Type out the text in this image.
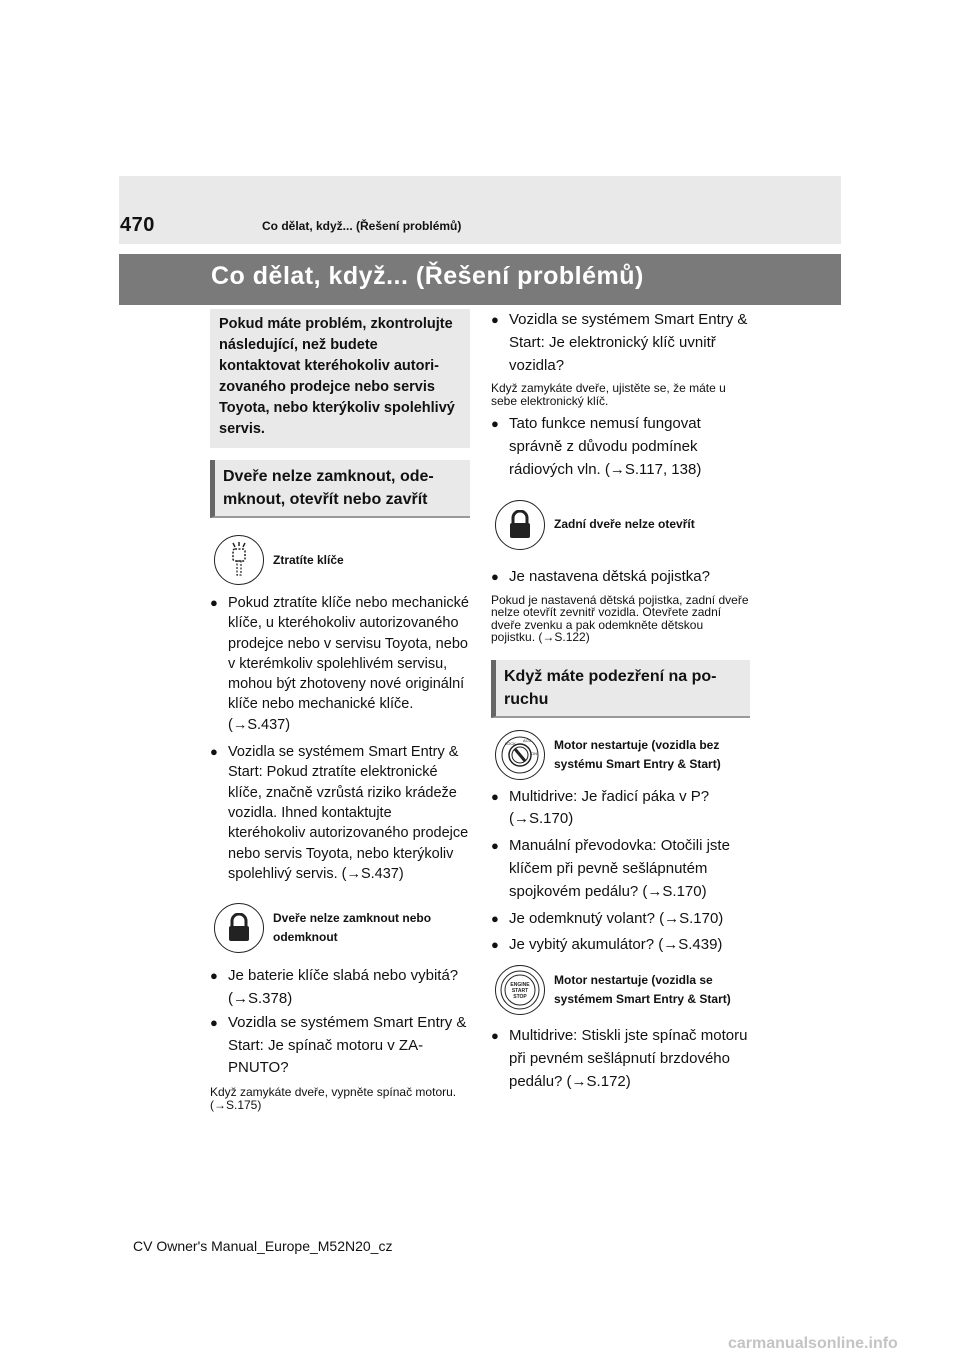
470	Co dělat, když... (Řešení problémů)
Co dělat, když... (Řešení problémů)
Pokud máte problém, zkontrolujte následující, než budete kontaktovat kteréhokoliv autorizovaného prodejce nebo servis Toyota, nebo kterýkoliv spolehlivý servis.
Dveře nelze zamknout, odemknout, otevřít nebo zavřít
Ztratíte klíče
● Pokud ztratíte klíče nebo mechanické klíče, u kteréhokoliv autorizovaného prodejce nebo v servisu Toyota, nebo v kterémkoliv spolehlivém servisu, mohou být zhotoveny nové originální klíče nebo mechanické klíče. (→S.437)
● Vozidla se systémem Smart Entry & Start: Pokud ztratíte elektronické klíče, značně vzrůstá riziko krádeže vozidla. Ihned kontaktujte kteréhokoliv autorizovaného prodejce nebo servis Toyota, nebo kterýkoliv spolehlivý servis. (→S.437)
Dveře nelze zamknout nebo odemknout
● Je baterie klíče slabá nebo vybitá? (→S.378)
● Vozidla se systémem Smart Entry & Start: Je spínač motoru v ZAPNUTO?
Když zamykáte dveře, vypněte spínač motoru. (→S.175)
● Vozidla se systémem Smart Entry & Start: Je elektronický klíč uvnitř vozidla?
Když zamykáte dveře, ujistěte se, že máte u sebe elektronický klíč.
● Tato funkce nemusí fungovat správně z důvodu podmínek rádiových vln. (→S.117, 138)
Zadní dveře nelze otevřít
● Je nastavena dětská pojistka?
Pokud je nastavená dětská pojistka, zadní dveře nelze otevřít zevnitř vozidla. Otevřete zadní dveře zvenku a pak odemkněte dětskou pojistku. (→S.122)
Když máte podezření na poruchu
LOCK
ACC
ON
Motor nestartuje (vozidla bez systému Smart Entry & Start)
● Multidrive: Je řadicí páka v P? (→S.170)
● Manuální převodovka: Otočili jste klíčem při pevně sešlápnutém spojkovém pedálu? (→S.170)
● Je odemknutý volant? (→S.170)
● Je vybitý akumulátor? (→S.439)
ENGINE
START
STOP
Motor nestartuje (vozidla se systémem Smart Entry & Start)
● Multidrive: Stiskli jste spínač motoru při pevném sešlápnutí brzdového pedálu? (→S.172)
CV Owner's Manual_Europe_M52N20_cz
carmanualsonline.info
